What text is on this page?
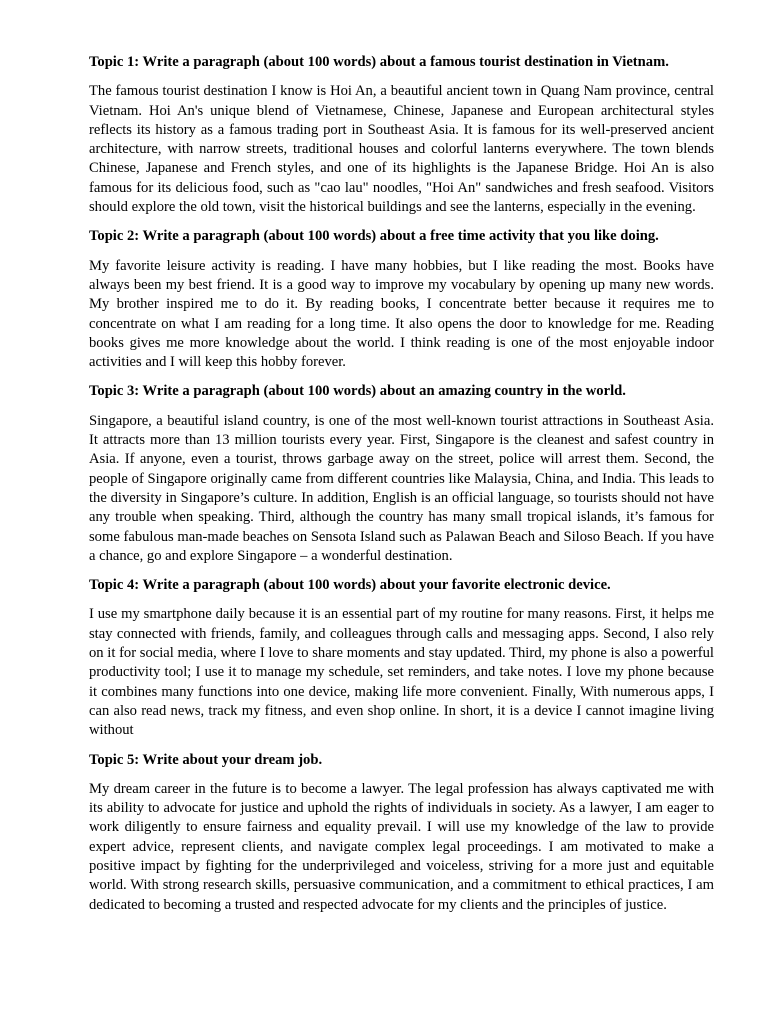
Topic 1: Write a paragraph (about 100 words) about a famous tourist destination in Vietnam.

The famous tourist destination I know is Hoi An, a beautiful ancient town in Quang Nam province, central Vietnam. Hoi An's unique blend of Vietnamese, Chinese, Japanese and European architectural styles reflects its history as a famous trading port in Southeast Asia. It is famous for its well-preserved ancient architecture, with narrow streets, traditional houses and colorful lanterns everywhere. The town blends Chinese, Japanese and French styles, and one of its highlights is the Japanese Bridge. Hoi An is also famous for its delicious food, such as "cao lau" noodles, "Hoi An" sandwiches and fresh seafood. Visitors should explore the old town, visit the historical buildings and see the lanterns, especially in the evening.

Topic 2: Write a paragraph (about 100 words) about a free time activity that you like doing.

My favorite leisure activity is reading. I have many hobbies, but I like reading the most. Books have always been my best friend. It is a good way to improve my vocabulary by opening up many new words. My brother inspired me to do it. By reading books, I concentrate better because it requires me to concentrate on what I am reading for a long time. It also opens the door to knowledge for me. Reading books gives me more knowledge about the world. I think reading is one of the most enjoyable indoor activities and I will keep this hobby forever.

Topic 3: Write a paragraph (about 100 words) about an amazing country in the world.

Singapore, a beautiful island country, is one of the most well-known tourist attractions in Southeast Asia. It attracts more than 13 million tourists every year. First, Singapore is the cleanest and safest country in Asia. If anyone, even a tourist, throws garbage away on the street, police will arrest them. Second, the people of Singapore originally came from different countries like Malaysia, China, and India. This leads to the diversity in Singapore’s culture. In addition, English is an official language, so tourists should not have any trouble when speaking. Third, although the country has many small tropical islands, it’s famous for some fabulous man-made beaches on Sensota Island such as Palawan Beach and Siloso Beach. If you have a chance, go and explore Singapore – a wonderful destination.

Topic 4: Write a paragraph (about 100 words) about your favorite electronic device.

I use my smartphone daily because it is an essential part of my routine for many reasons. First, it helps me stay connected with friends, family, and colleagues through calls and messaging apps. Second, I also rely on it for social media, where I love to share moments and stay updated. Third, my phone is also a powerful productivity tool; I use it to manage my schedule, set reminders, and take notes. I love my phone because it combines many functions into one device, making life more convenient. Finally, With numerous apps, I can also read news, track my fitness, and even shop online. In short, it is a device I cannot imagine living without

Topic 5: Write about your dream job.

My dream career in the future is to become a lawyer. The legal profession has always captivated me with its ability to advocate for justice and uphold the rights of individuals in society. As a lawyer, I am eager to work diligently to ensure fairness and equality prevail. I will use my knowledge of the law to provide expert advice, represent clients, and navigate complex legal proceedings. I am motivated to make a positive impact by fighting for the underprivileged and voiceless, striving for a more just and equitable world. With strong research skills, persuasive communication, and a commitment to ethical practices, I am dedicated to becoming a trusted and respected advocate for my clients and the principles of justice.
